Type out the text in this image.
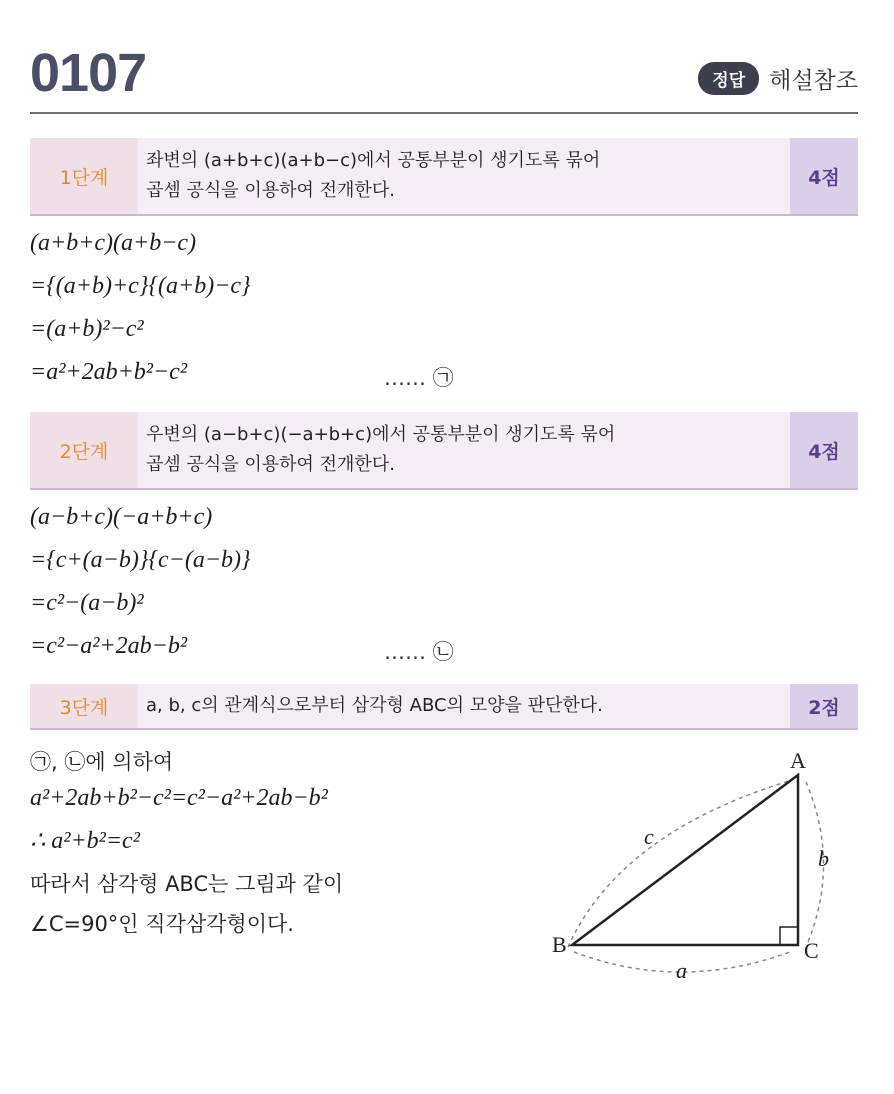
0107	정답	해설참조
1단계
좌변의 (a+b+c)(a+b−c)에서 공통부분이 생기도록 묶어
곱셈 공식을 이용하여 전개한다.
4점
(a+b+c)(a+b−c)
={(a+b)+c}{(a+b)−c}
=(a+b)²−c²
=a²+2ab+b²−c²	…… ㉠
2단계
우변의 (a−b+c)(−a+b+c)에서 공통부분이 생기도록 묶어
곱셈 공식을 이용하여 전개한다.
4점
(a−b+c)(−a+b+c)
={c+(a−b)}{c−(a−b)}
=c²−(a−b)²
=c²−a²+2ab−b²	…… ㉡
3단계	a, b, c의 관계식으로부터 삼각형 ABC의 모양을 판단한다.	2점
㉠, ㉡에 의하여
a²+2ab+b²−c²=c²−a²+2ab−b²
∴ a²+b²=c²
따라서 삼각형 ABC는 그림과 같이
∠C=90°인 직각삼각형이다.
A
B	C
c
b
a
